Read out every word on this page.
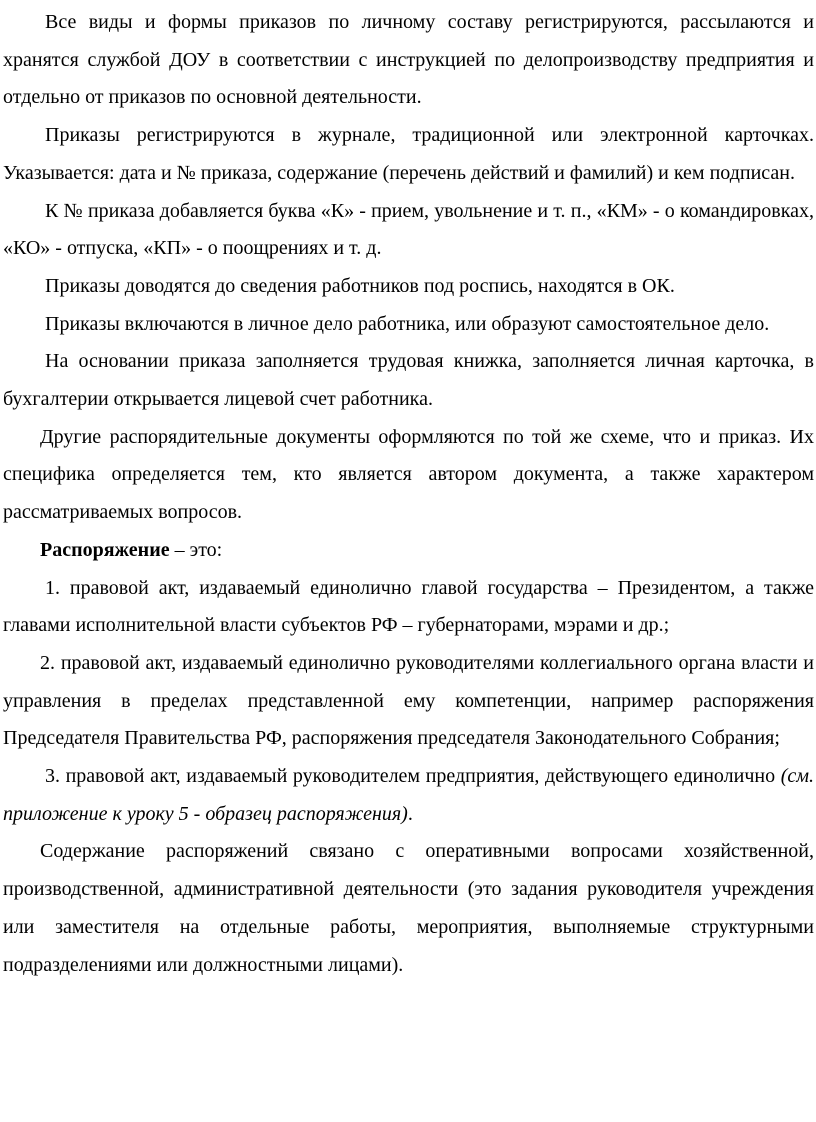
Все виды и формы приказов по личному составу регистрируются, рассылаются и хранятся службой ДОУ в соответствии с инструкцией по делопроизводству предприятия и отдельно от приказов по основной деятельности.

Приказы регистрируются в журнале, традиционной или электронной карточках. Указывается: дата и № приказа, содержание (перечень действий и фамилий) и кем подписан.

К № приказа добавляется буква «К» - прием, увольнение и т. п., «КМ» - о командировках, «КО» - отпуска, «КП» - о поощрениях и т. д.

Приказы доводятся до сведения работников под роспись, находятся в ОК.

Приказы включаются в личное дело работника, или образуют самостоятельное дело.

На основании приказа заполняется трудовая книжка, заполняется личная карточка, в бухгалтерии открывается лицевой счет работника.

Другие распорядительные документы оформляются по той же схеме, что и приказ. Их специфика определяется тем, кто является автором документа, а также характером рассматриваемых вопросов.

Распоряжение – это:

1. правовой акт, издаваемый единолично главой государства – Президентом, а также главами исполнительной власти субъектов РФ – губернаторами, мэрами и др.;

2. правовой акт, издаваемый единолично руководителями коллегиального органа власти и управления в пределах представленной ему компетенции, например распоряжения Председателя Правительства РФ, распоряжения председателя Законодательного Собрания;

3. правовой акт, издаваемый руководителем предприятия, действующего единолично (см. приложение к уроку 5 - образец распоряжения).

Содержание распоряжений связано с оперативными вопросами хозяйственной, производственной, административной деятельности (это задания руководителя учреждения или заместителя на отдельные работы, мероприятия, выполняемые структурными подразделениями или должностными лицами).
